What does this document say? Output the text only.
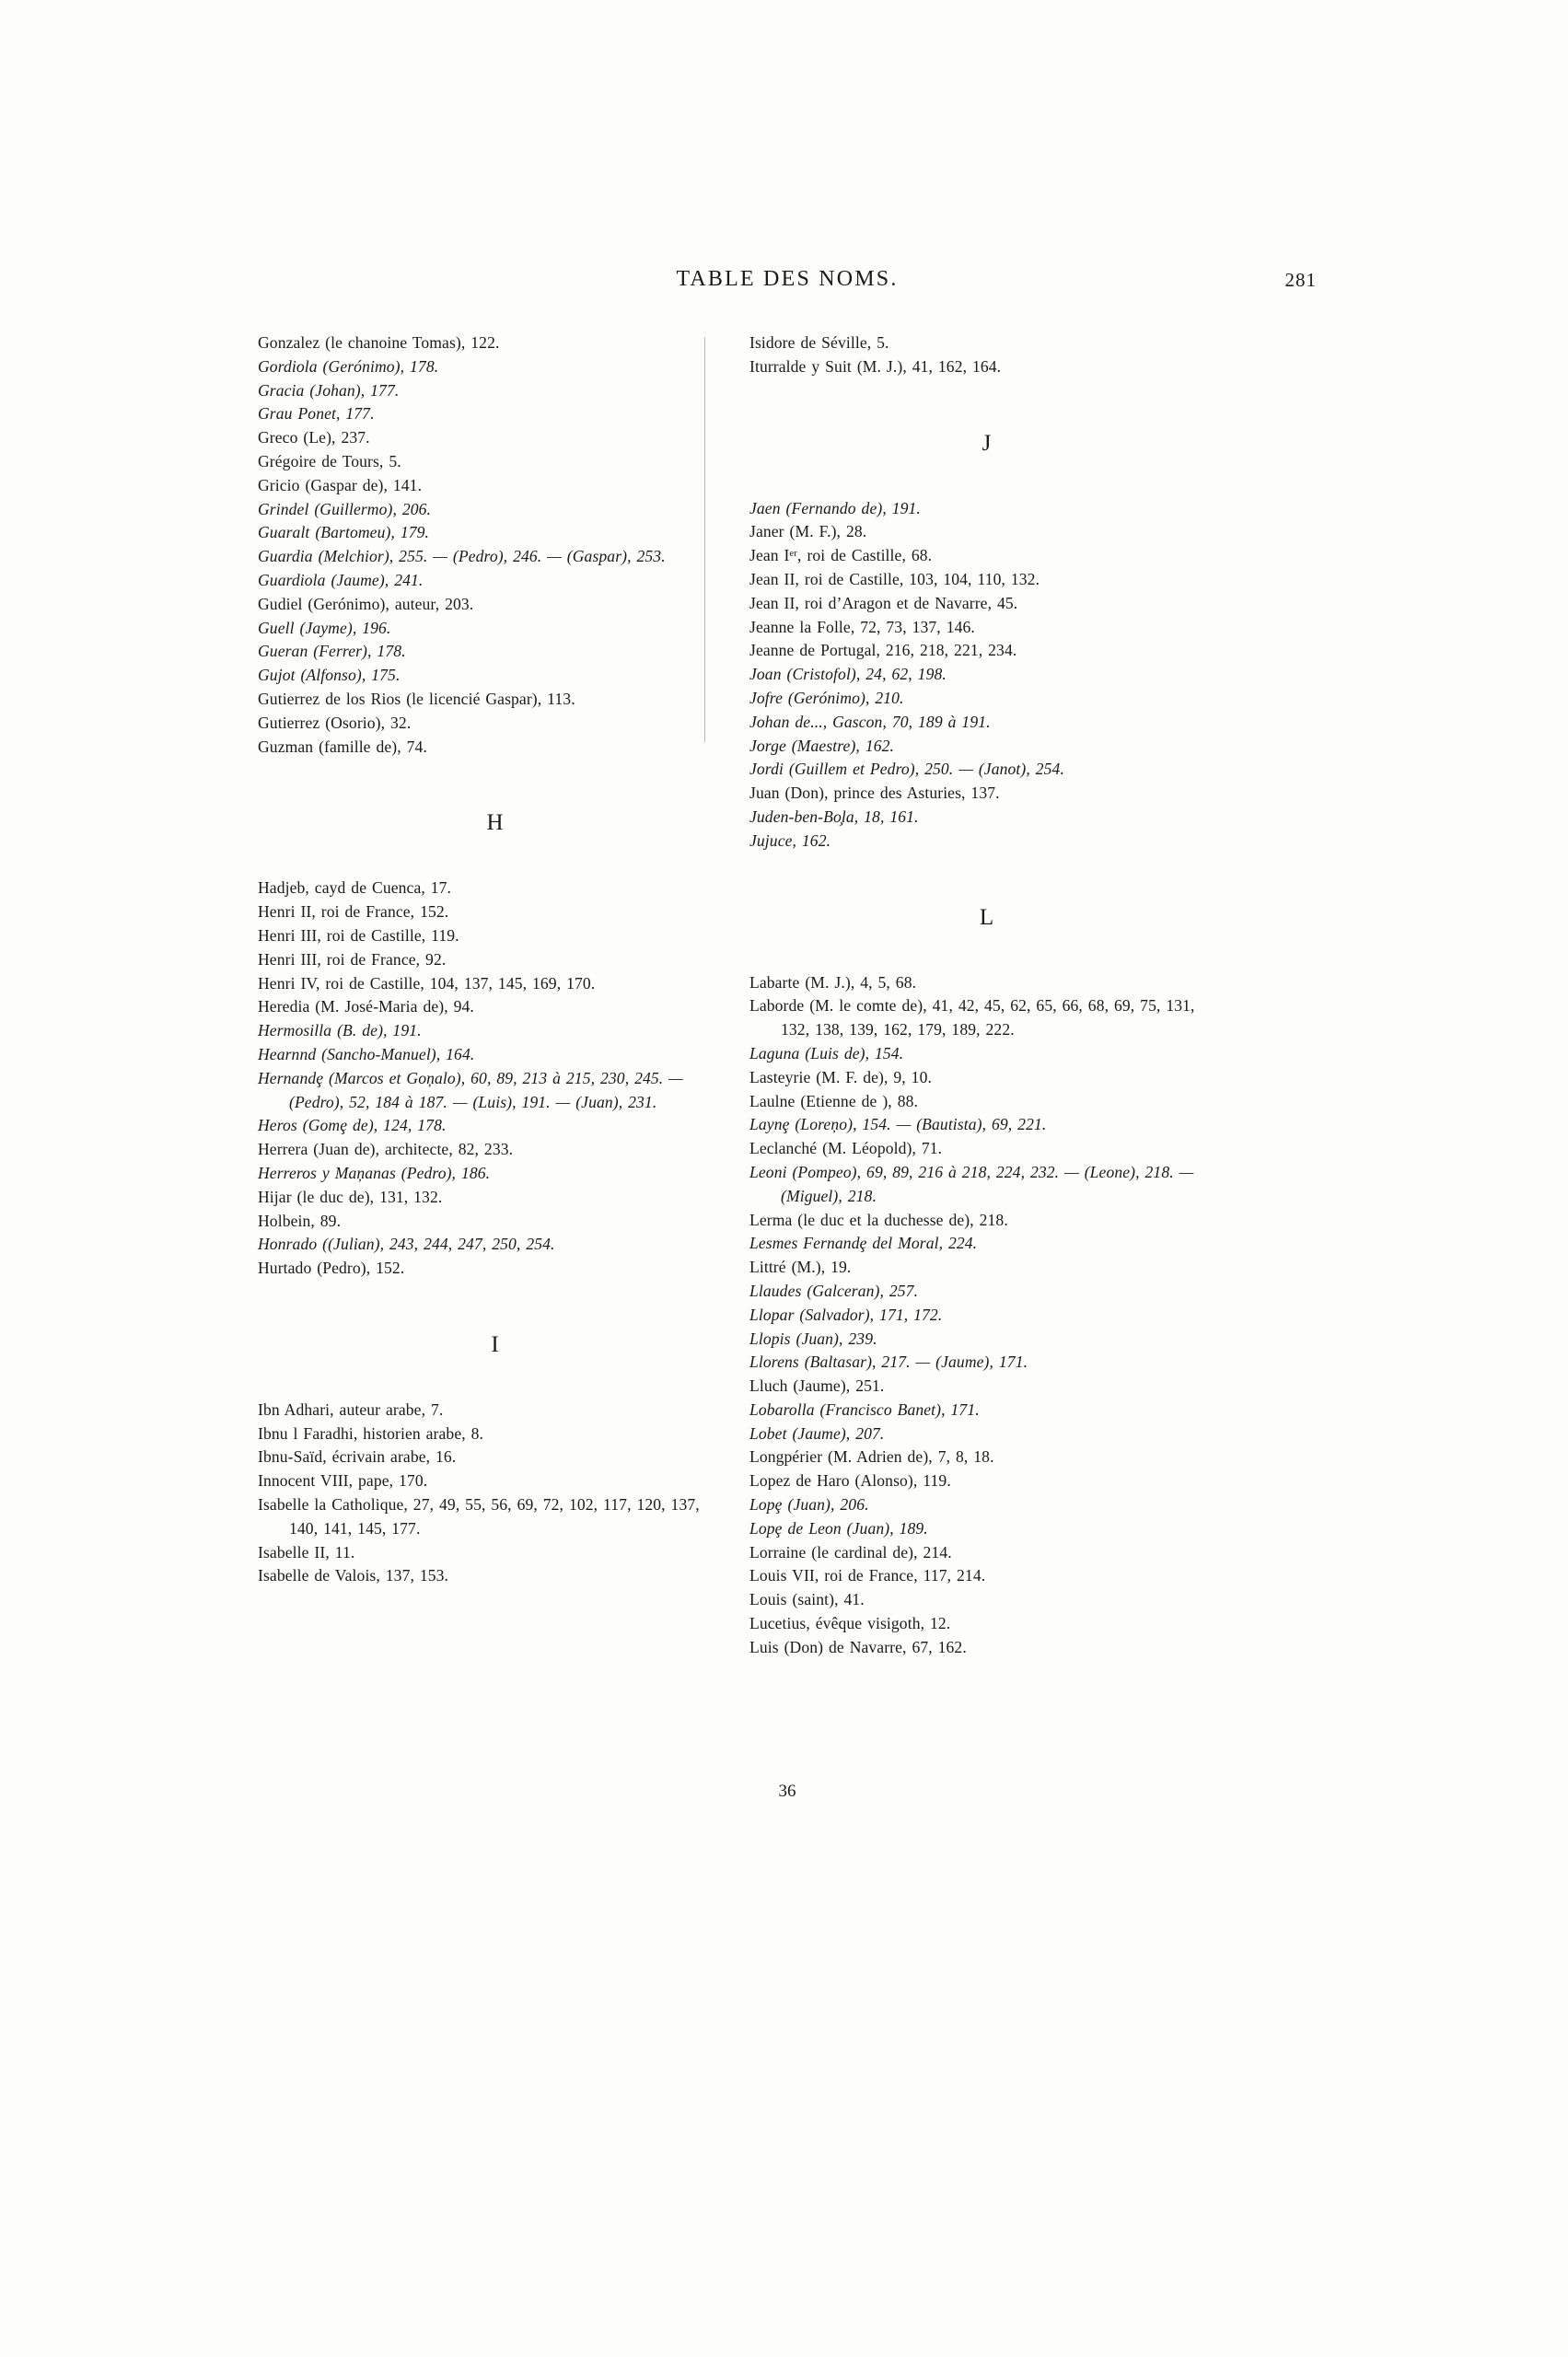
TABLE DES NOMS.	281

Gonzalez (le chanoine Tomas), 122.

Gordiola (Gerónimo), 178.

Gracia (Johan), 177.

Grau Ponet, 177.

Greco (Le), 237.

Grégoire de Tours, 5.

Gricio (Gaspar de), 141.

Grindel (Guillermo), 206.

Guaralt (Bartomeu), 179.

Guardia (Melchior), 255. — (Pedro), 246. — (Gaspar), 253.

Guardiola (Jaume), 241.

Gudiel (Gerónimo), auteur, 203.

Guell (Jayme), 196.

Gueran (Ferrer), 178.

Gujot (Alfonso), 175.

Gutierrez de los Rios (le licencié Gaspar), 113.

Gutierrez (Osorio), 32.

Guzman (famille de), 74.

H

Hadjeb, cayd de Cuenca, 17.

Henri II, roi de France, 152.

Henri III, roi de Castille, 119.

Henri III, roi de France, 92.

Henri IV, roi de Castille, 104, 137, 145, 169, 170.

Heredia (M. José-Maria de), 94.

Hermosilla (B. de), 191.

Hearnnd (Sancho-Manuel), 164.

Hernandȩ (Marcos et Goņalo), 60, 89, 213 à 215, 230, 245. — (Pedro), 52, 184 à 187. — (Luis), 191. — (Juan), 231.

Heros (Gomȩ de), 124, 178.

Herrera (Juan de), architecte, 82, 233.

Herreros y Maņanas (Pedro), 186.

Hijar (le duc de), 131, 132.

Holbein, 89.

Honrado ((Julian), 243, 244, 247, 250, 254.

Hurtado (Pedro), 152.

I

Ibn Adhari, auteur arabe, 7.

Ibnu l Faradhi, historien arabe, 8.

Ibnu-Saïd, écrivain arabe, 16.

Innocent VIII, pape, 170.

Isabelle la Catholique, 27, 49, 55, 56, 69, 72, 102, 117, 120, 137, 140, 141, 145, 177.

Isabelle II, 11.

Isabelle de Valois, 137, 153.

Isidore de Séville, 5.

Iturralde y Suit (M. J.), 41, 162, 164.

J

Jaen (Fernando de), 191.

Janer (M. F.), 28.

Jean Iᵉʳ, roi de Castille, 68.

Jean II, roi de Castille, 103, 104, 110, 132.

Jean II, roi d’Aragon et de Navarre, 45.

Jeanne la Folle, 72, 73, 137, 146.

Jeanne de Portugal, 216, 218, 221, 234.

Joan (Cristofol), 24, 62, 198.

Jofre (Gerónimo), 210.

Johan de..., Gascon, 70, 189 à 191.

Jorge (Maestre), 162.

Jordi (Guillem et Pedro), 250. — (Janot), 254.

Juan (Don), prince des Asturies, 137.

Juden-ben-Bo̧la, 18, 161.

Jujuce, 162.

L

Labarte (M. J.), 4, 5, 68.

Laborde (M. le comte de), 41, 42, 45, 62, 65, 66, 68, 69, 75, 131, 132, 138, 139, 162, 179, 189, 222.

Laguna (Luis de), 154.

Lasteyrie (M. F. de), 9, 10.

Laulne (Etienne de ), 88.

Laynȩ (Loreņo), 154. — (Bautista), 69, 221.

Leclanché (M. Léopold), 71.

Leoni (Pompeo), 69, 89, 216 à 218, 224, 232. — (Leone), 218. — (Miguel), 218.

Lerma (le duc et la duchesse de), 218.

Lesmes Fernandȩ del Moral, 224.

Littré (M.), 19.

Llaudes (Galceran), 257.

Llopar (Salvador), 171, 172.

Llopis (Juan), 239.

Llorens (Baltasar), 217. — (Jaume), 171.

Lluch (Jaume), 251.

Lobarolla (Francisco Banet), 171.

Lobet (Jaume), 207.

Longpérier (M. Adrien de), 7, 8, 18.

Lopez de Haro (Alonso), 119.

Lopȩ (Juan), 206.

Lopȩ de Leon (Juan), 189.

Lorraine (le cardinal de), 214.

Louis VII, roi de France, 117, 214.

Louis (saint), 41.

Lucetius, évêque visigoth, 12.

Luis (Don) de Navarre, 67, 162.

36
